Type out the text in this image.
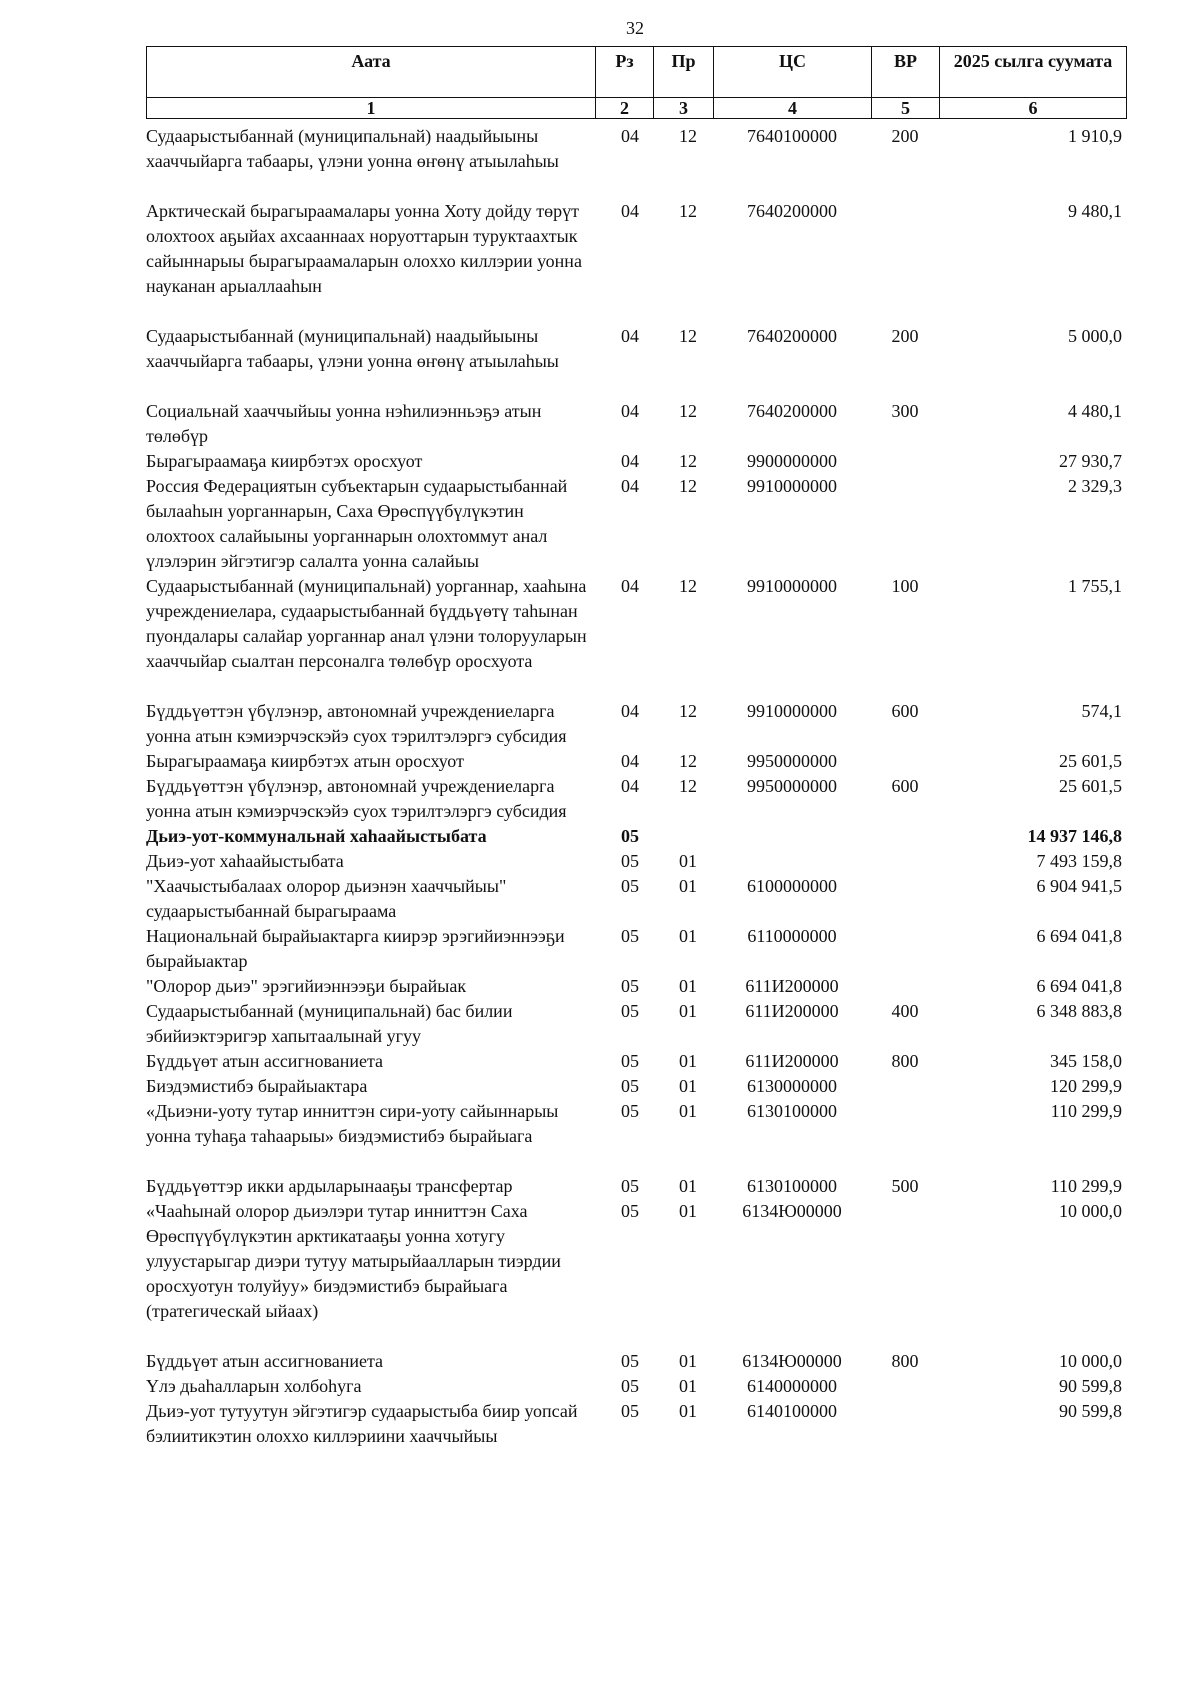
32
Аата	Рз	Пр	ЦС	ВР	2025 сылга суумата
1	2	3	4	5	6
Судаарыстыбаннай (муниципальнай) наадыйыыны хааччыйарга табаары, үлэни уонна өҥөнү атыылаһыы	04	12	7640100000	200	1 910,9
Арктическай бырагыраамалары уонна Хоту дойду төрүт олохтоох аҕыйах ахсааннаах норуоттарын туруктаахтык сайыннарыы бырагыраамаларын олоххо киллэрии уонна науканан арыаллааһын	04	12	7640200000		9 480,1
Судаарыстыбаннай (муниципальнай) наадыйыыны хааччыйарга табаары, үлэни уонна өҥөнү атыылаһыы	04	12	7640200000	200	5 000,0
Социальнай хааччыйыы уонна нэһилиэнньэҕэ атын төлөбүр	04	12	7640200000	300	4 480,1
Бырагыраамаҕа киирбэтэх оросхуот	04	12	9900000000		27 930,7
Россия Федерациятын субъектарын судаарыстыбаннай былааһын уорганнарын, Саха Өрөспүүбүлүкэтин олохтоох салайыыны уорганнарын олохтоммут анал үлэлэрин эйгэтигэр салалта уонна салайыы	04	12	9910000000		2 329,3
Судаарыстыбаннай (муниципальнай) уорганнар, хааһына учреждениелара, судаарыстыбаннай бүддьүөтү таһынан пуондалары салайар уорганнар анал үлэни толорууларын хааччыйар сыалтан персоналга төлөбүр оросхуота	04	12	9910000000	100	1 755,1
Бүддьүөттэн үбүлэнэр, автономнай учреждениеларга уонна атын кэмиэрчэскэйэ суох тэрилтэлэргэ субсидия	04	12	9910000000	600	574,1
Бырагыраамаҕа киирбэтэх атын оросхуот	04	12	9950000000		25 601,5
Бүддьүөттэн үбүлэнэр, автономнай учреждениеларга уонна атын кэмиэрчэскэйэ суох тэрилтэлэргэ субсидия	04	12	9950000000	600	25 601,5
Дьиэ-уот-коммунальнай хаһаайыстыбата	05				14 937 146,8
Дьиэ-уот хаһаайыстыбата	05	01			7 493 159,8
"Хаачыстыбалаах олорор дьиэнэн хааччыйыы" судаарыстыбаннай бырагыраама	05	01	6100000000		6 904 941,5
Национальнай бырайыактарга киирэр эрэгийиэннээҕи бырайыактар	05	01	6110000000		6 694 041,8
"Олорор дьиэ" эрэгийиэннээҕи бырайыак	05	01	611И200000		6 694 041,8
Судаарыстыбаннай (муниципальнай) бас билии эбийиэктэригэр хапытаалынай угуу	05	01	611И200000	400	6 348 883,8
Бүддьүөт атын ассигнованиета	05	01	611И200000	800	345 158,0
Биэдэмистибэ бырайыактара	05	01	6130000000		120 299,9
«Дьиэни-уоту тутар инниттэн сири-уоту сайыннарыы уонна туһаҕа таһаарыы» биэдэмистибэ бырайыага	05	01	6130100000		110 299,9
Бүддьүөттэр икки ардыларынааҕы трансфертар	05	01	6130100000	500	110 299,9
«Чааһынай олорор дьиэлэри тутар инниттэн Саха Өрөспүүбүлүкэтин арктикатааҕы уонна хотугу улуустарыгар диэри тутуу матырыйаалларын тиэрдии оросхуотун толуйуу» биэдэмистибэ бырайыага (тратегическай ыйаах)	05	01	6134Ю00000		10 000,0
Бүддьүөт атын ассигнованиета	05	01	6134Ю00000	800	10 000,0
Үлэ дьаһалларын холбоһуга	05	01	6140000000		90 599,8
Дьиэ-уот тутуутун эйгэтигэр судаарыстыба биир уопсай бэлиитикэтин олоххо киллэриини хааччыйыы	05	01	6140100000		90 599,8
